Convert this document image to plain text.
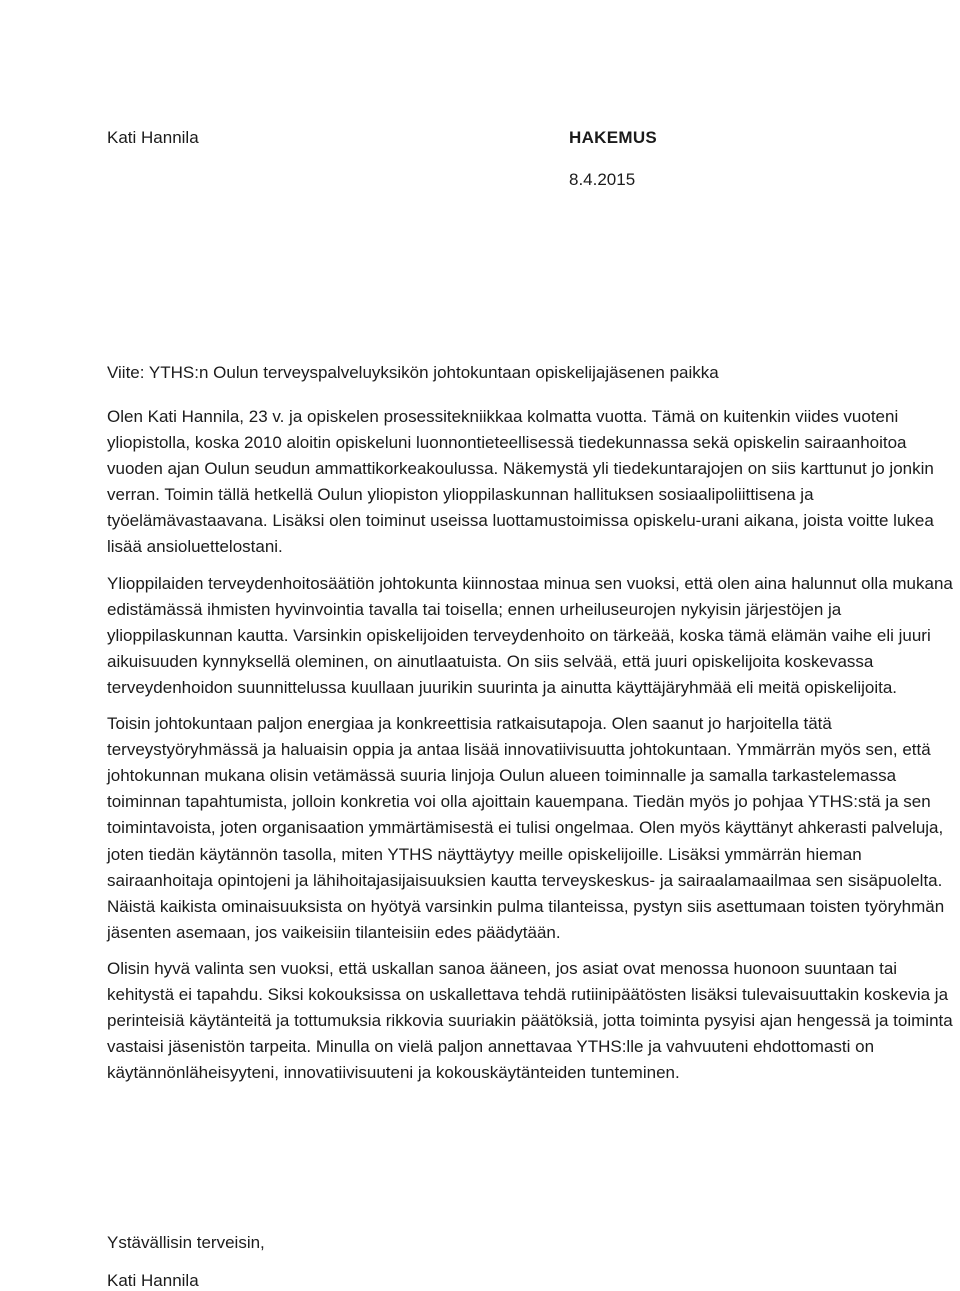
Kati Hannila	HAKEMUS
8.4.2015
Viite: YTHS:n Oulun terveyspalveluyksikön johtokuntaan opiskelijajäsenen paikka

Olen Kati Hannila, 23 v. ja opiskelen prosessitekniikkaa kolmatta vuotta. Tämä on kuitenkin viides vuoteni yliopistolla, koska 2010 aloitin opiskeluni luonnontieteellisessä tiedekunnassa sekä opiskelin sairaanhoitoa vuoden ajan Oulun seudun ammattikorkeakoulussa. Näkemystä yli tiedekuntarajojen on siis karttunut jo jonkin verran. Toimin tällä hetkellä Oulun yliopiston ylioppilaskunnan hallituksen sosiaalipoliittisena ja työelämävastaavana. Lisäksi olen toiminut useissa luottamustoimissa opiskelu-urani aikana, joista voitte lukea lisää ansioluettelostani.

Ylioppilaiden terveydenhoitosäätiön johtokunta kiinnostaa minua sen vuoksi, että olen aina halunnut olla mukana edistämässä ihmisten hyvinvointia tavalla tai toisella; ennen urheiluseurojen nykyisin järjestöjen ja ylioppilaskunnan kautta. Varsinkin opiskelijoiden terveydenhoito on tärkeää, koska tämä elämän vaihe eli juuri aikuisuuden kynnyksellä oleminen, on ainutlaatuista. On siis selvää, että juuri opiskelijoita koskevassa terveydenhoidon suunnittelussa kuullaan juurikin suurinta ja ainutta käyttäjäryhmää eli meitä opiskelijoita.

Toisin johtokuntaan paljon energiaa ja konkreettisia ratkaisutapoja. Olen saanut jo harjoitella tätä terveystyöryhmässä ja haluaisin oppia ja antaa lisää innovatiivisuutta johtokuntaan. Ymmärrän myös sen, että johtokunnan mukana olisin vetämässä suuria linjoja Oulun alueen toiminnalle ja samalla tarkastelemassa toiminnan tapahtumista, jolloin konkretia voi olla ajoittain kauempana. Tiedän myös jo pohjaa YTHS:stä ja sen toimintavoista, joten organisaation ymmärtämisestä ei tulisi ongelmaa. Olen myös käyttänyt ahkerasti palveluja, joten tiedän käytännön tasolla, miten YTHS näyttäytyy meille opiskelijoille. Lisäksi ymmärrän hieman sairaanhoitaja opintojeni ja lähihoitajasijaisuuksien kautta terveyskeskus- ja sairaalamaailmaa sen sisäpuolelta. Näistä kaikista ominaisuuksista on hyötyä varsinkin pulma tilanteissa, pystyn siis asettumaan toisten työryhmän jäsenten asemaan, jos vaikeisiin tilanteisiin edes päädytään.

Olisin hyvä valinta sen vuoksi, että uskallan sanoa ääneen, jos asiat ovat menossa huonoon suuntaan tai kehitystä ei tapahdu. Siksi kokouksissa on uskallettava tehdä rutiinipäätösten lisäksi tulevaisuuttakin koskevia ja perinteisiä käytänteitä ja tottumuksia rikkovia suuriakin päätöksiä, jotta toiminta pysyisi ajan hengessä ja toiminta vastaisi jäsenistön tarpeita. Minulla on vielä paljon annettavaa YTHS:lle ja vahvuuteni ehdottomasti on käytännönläheisyyteni, innovatiivisuuteni ja kokouskäytänteiden tunteminen.

Ystävällisin terveisin,
Kati Hannila
